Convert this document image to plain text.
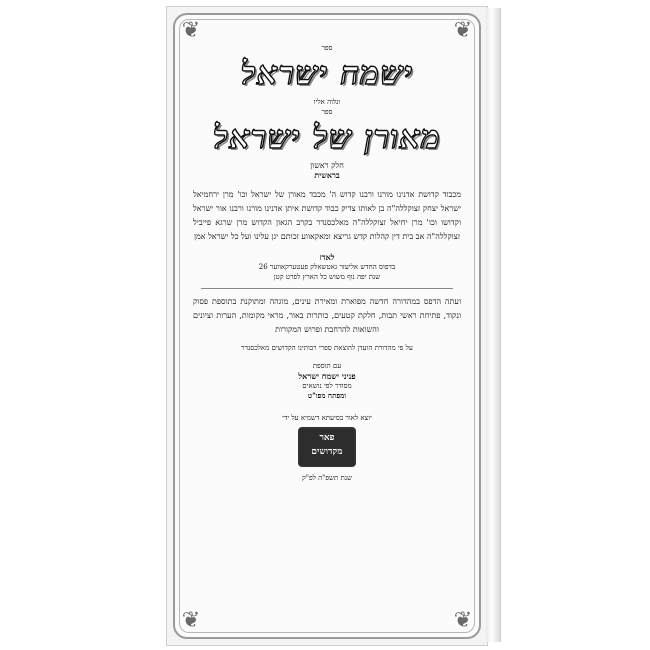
❦	❦
❦	❦
ספר
ישמח ישראל
ונלוה אליו
ספר
מאורן של ישראל
חלק ראשון
בראשית
מכבוד קדושת אדנינו מורנו ורבנו קדוש ה' מכבד מאורן של ישראל וכו' מרן ירחמיאל ישראל יצחק זצוקללה"ה בן לאותו צדיק כבוד קדושת איתן אדנינו מורנו ורבנו אור ישראל וקדושו וכו' מרן יחיאל זצוקללה"ה מאלכסנדר בקרב הגאון הקדוש מרן שרגא פייביל זצוקללה"ה אב בית דין קהלות קדש גריצא ומאקאווע זכותם יגן עלינו ועל כל ישראל אמן
לאדז
בדפוס החדש אליעזר גאטשאלק פעטערקאווער 26
שנת יפה נוף משוש כל הארץ לפרט קטן
ועתה הדפס במהדורה חדשה מפוארת ומאירת עינים, מוגהה ומתוקנת בתוספת פסוק ונקוד, פתיחת ראשי תבות, חלקת קטעים, כותרות באור, מראי מקומות, הערות וציונים והשואות להרחבת ופרוש המקורות
על פי מהדורת הועדן להוצאת ספרי רבותינו הקדושים מאלכסנדר
עם תוספת
פניני ישמח ישראל
מסודר לפי נושאים
ומפתח מפו"ט
יוצא לאור בסיעתא דשמיא על ידי
פאר
מקדושים
שנת תשפ"ה לפ"ק
